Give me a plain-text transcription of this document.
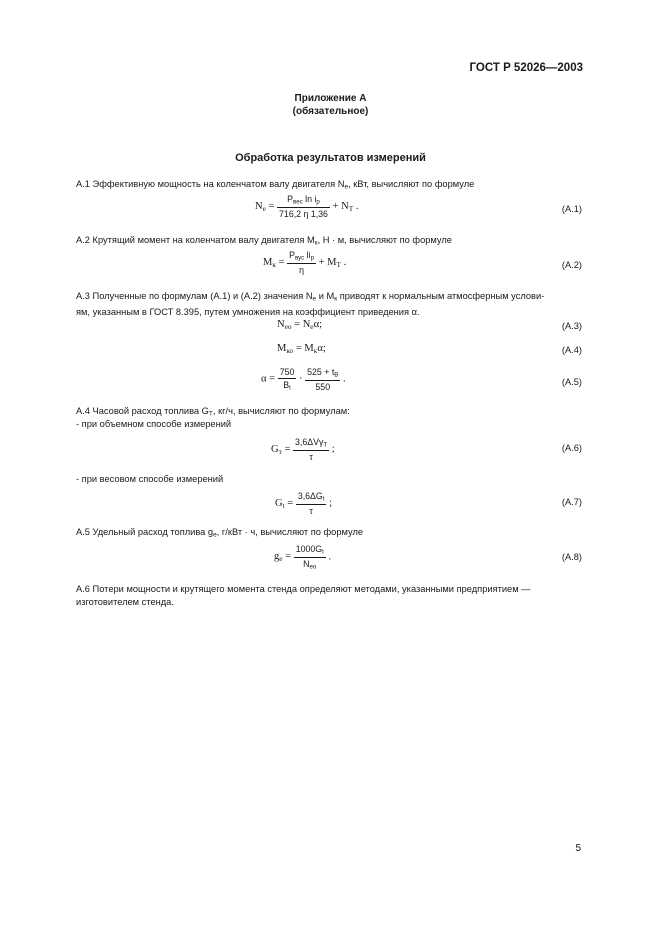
ГОСТ Р 52026—2003
Приложение А
(обязательное)
Обработка результатов измерений
А.1 Эффективную мощность на коленчатом валу двигателя $N_e$, кВт, вычисляют по формуле
$N_e = \frac{P_{вес} \ln i_p}{716,2 \eta 1,36} + N_T$ .	(А.1)
А.2 Крутящий момент на коленчатом валу двигателя $M_к$, Н · м, вычисляют по формуле
$M_к = \frac{P_{вус} li_p}{\eta} + M_T$ .	(А.2)
А.3 Полученные по формулам (А.1) и (А.2) значения $N_e$ и $M_к$ приводят к нормальным атмосферным услови-
ям, указанным в ГОСТ 8.395, путем умножения на коэффициент приведения α.
$N_{eo} = N_e\alpha$;	(А.3)
$M_{ко} = M_к\alpha$;	(А.4)
$\alpha = \frac{750}{B_t} \cdot \frac{525 + t_B}{550}$ .	(А.5)
А.4 Часовой расход топлива $G_T$, кг/ч, вычисляют по формулам:
- при объемном способе измерений
$G_т = \frac{3,6\Delta V\gamma_T}{\tau}$ ;	(А.6)
- при весовом способе измерений
$G_t = \frac{3,6\Delta G_t}{\tau}$ ;	(А.7)
А.5 Удельный расход топлива $g_e$, г/кВт · ч, вычисляют по формуле
$g_e = \frac{1000G_t}{N_{eo}}$ .	(А.8)
А.6 Потери мощности и крутящего момента стенда определяют методами, указанными предприятием —
изготовителем стенда.
5
